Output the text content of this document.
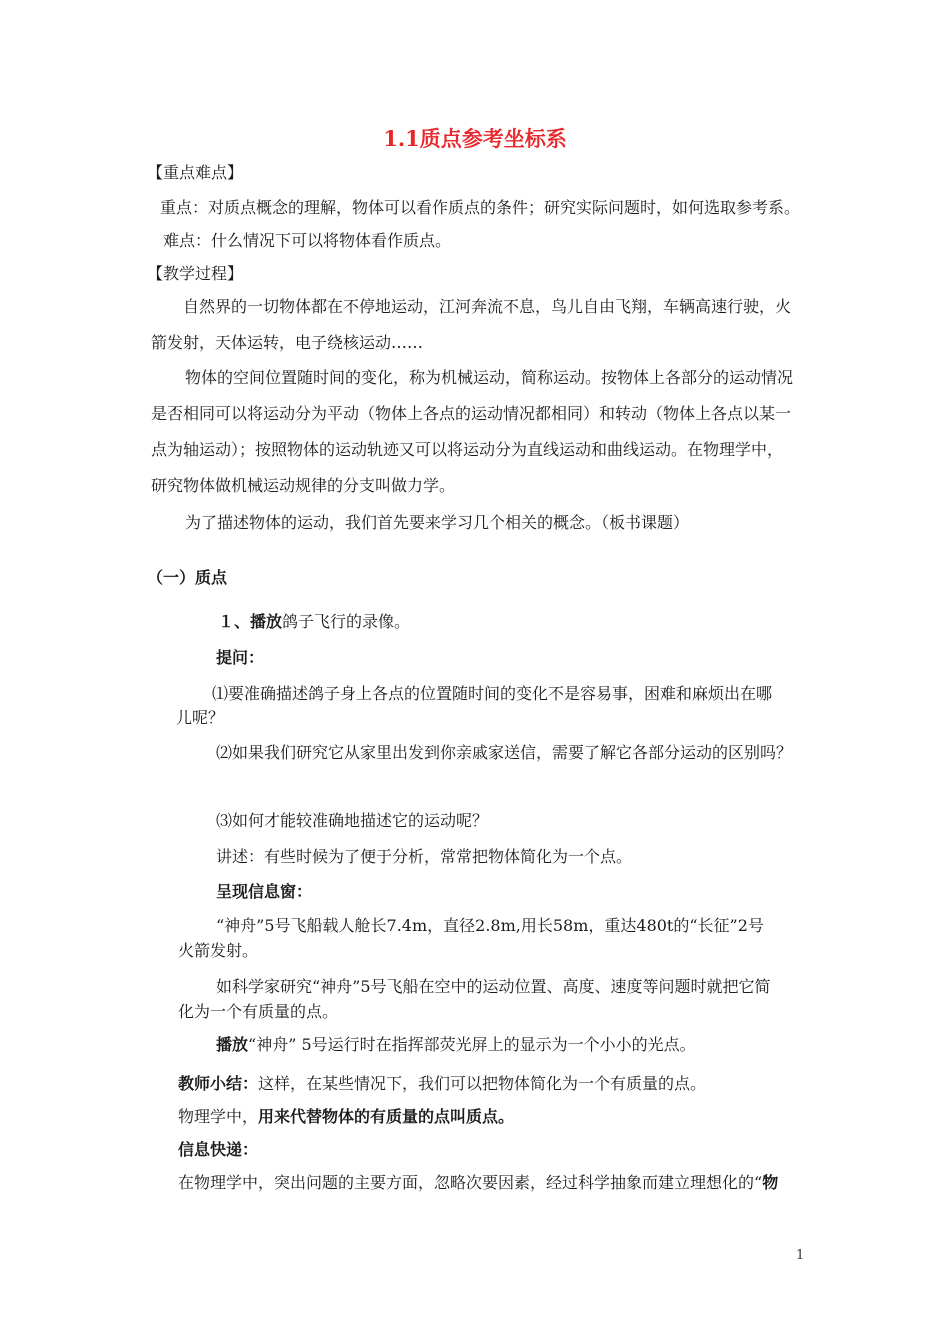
1.1质点参考坐标系
【重点难点】
重点：对质点概念的理解，物体可以看作质点的条件；研究实际问题时，如何选取参考系。
难点：什么情况下可以将物体看作质点。
【教学过程】
自然界的一切物体都在不停地运动，江河奔流不息，鸟儿自由飞翔，车辆高速行驶，火
箭发射，天体运转，电子绕核运动……
物体的空间位置随时间的变化，称为机械运动，简称运动。按物体上各部分的运动情况
是否相同可以将运动分为平动（物体上各点的运动情况都相同）和转动（物体上各点以某一
点为轴运动）；按照物体的运动轨迹又可以将运动分为直线运动和曲线运动。在物理学中，
研究物体做机械运动规律的分支叫做力学。
为了描述物体的运动，我们首先要来学习几个相关的概念。（板书课题）
（一）质点
１、播放鸽子飞行的录像。
提问：
⑴要准确描述鸽子身上各点的位置随时间的变化不是容易事，困难和麻烦出在哪
儿呢？
⑵如果我们研究它从家里出发到你亲戚家送信，需要了解它各部分运动的区别吗？
⑶如何才能较准确地描述它的运动呢？
讲述：有些时候为了便于分析，常常把物体简化为一个点。
呈现信息窗：
“神舟”5号飞船载人舱长7.4m，直径2.8m,用长58m，重达480t的“长征”2号
火箭发射。
如科学家研究“神舟”5号飞船在空中的运动位置、高度、速度等问题时就把它简
化为一个有质量的点。
播放“神舟” 5号运行时在指挥部荧光屏上的显示为一个小小的光点。
教师小结：这样，在某些情况下，我们可以把物体简化为一个有质量的点。
物理学中，用来代替物体的有质量的点叫质点。
信息快递：
在物理学中，突出问题的主要方面，忽略次要因素，经过科学抽象而建立理想化的“物
1
